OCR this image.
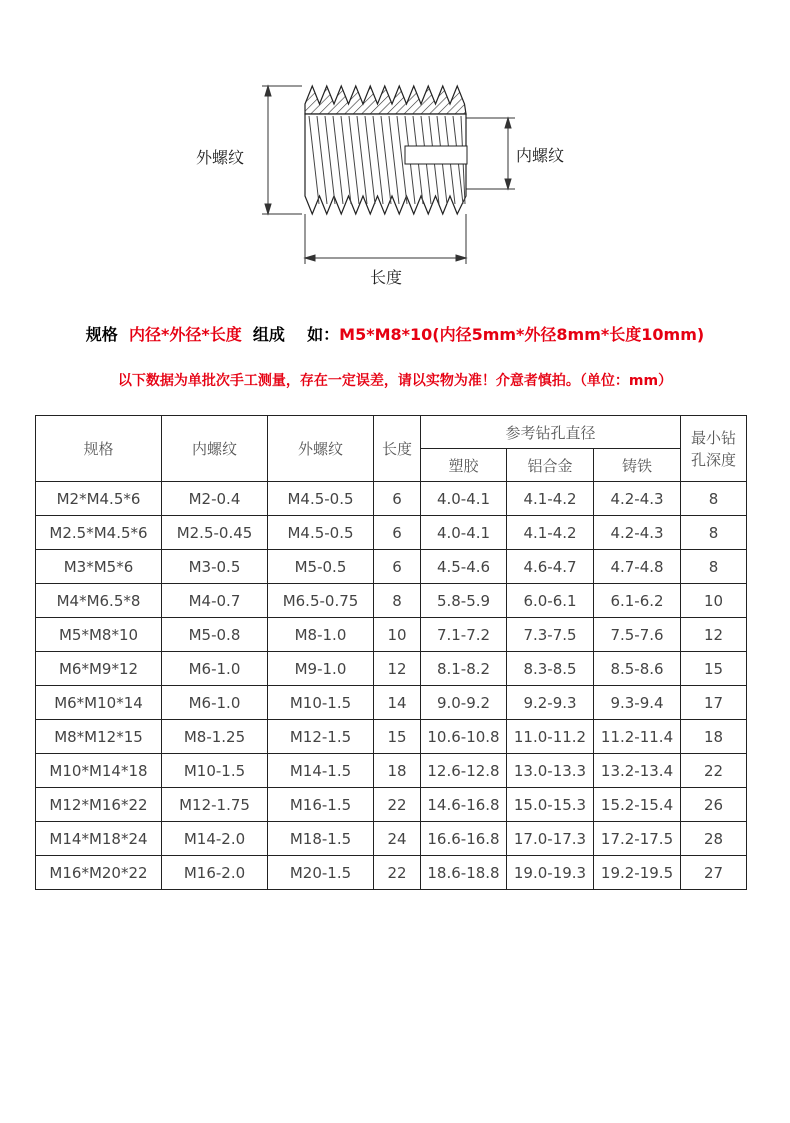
外螺纹	内螺纹
长度
规格 内径*外径*长度 组成 如：M5*M8*10(内径5mm*外径8mm*长度10mm)
以下数据为单批次手工测量，存在一定误差，请以实物为准！介意者慎拍。（单位：mm）
规格	内螺纹	外螺纹	长度	参考钻孔直径			最小钻
孔深度

				塑胶	铝合金	铸铁	
M2*M4.5*6	M2-0.4	M4.5-0.5	6	4.0-4.1	4.1-4.2	4.2-4.3	8
M2.5*M4.5*6	M2.5-0.45	M4.5-0.5	6	4.0-4.1	4.1-4.2	4.2-4.3	8
M3*M5*6	M3-0.5	M5-0.5	6	4.5-4.6	4.6-4.7	4.7-4.8	8
M4*M6.5*8	M4-0.7	M6.5-0.75	8	5.8-5.9	6.0-6.1	6.1-6.2	10
M5*M8*10	M5-0.8	M8-1.0	10	7.1-7.2	7.3-7.5	7.5-7.6	12
M6*M9*12	M6-1.0	M9-1.0	12	8.1-8.2	8.3-8.5	8.5-8.6	15
M6*M10*14	M6-1.0	M10-1.5	14	9.0-9.2	9.2-9.3	9.3-9.4	17
M8*M12*15	M8-1.25	M12-1.5	15	10.6-10.8	11.0-11.2	11.2-11.4	18
M10*M14*18	M10-1.5	M14-1.5	18	12.6-12.8	13.0-13.3	13.2-13.4	22
M12*M16*22	M12-1.75	M16-1.5	22	14.6-16.8	15.0-15.3	15.2-15.4	26
M14*M18*24	M14-2.0	M18-1.5	24	16.6-16.8	17.0-17.3	17.2-17.5	28
M16*M20*22	M16-2.0	M20-1.5	22	18.6-18.8	19.0-19.3	19.2-19.5	27
